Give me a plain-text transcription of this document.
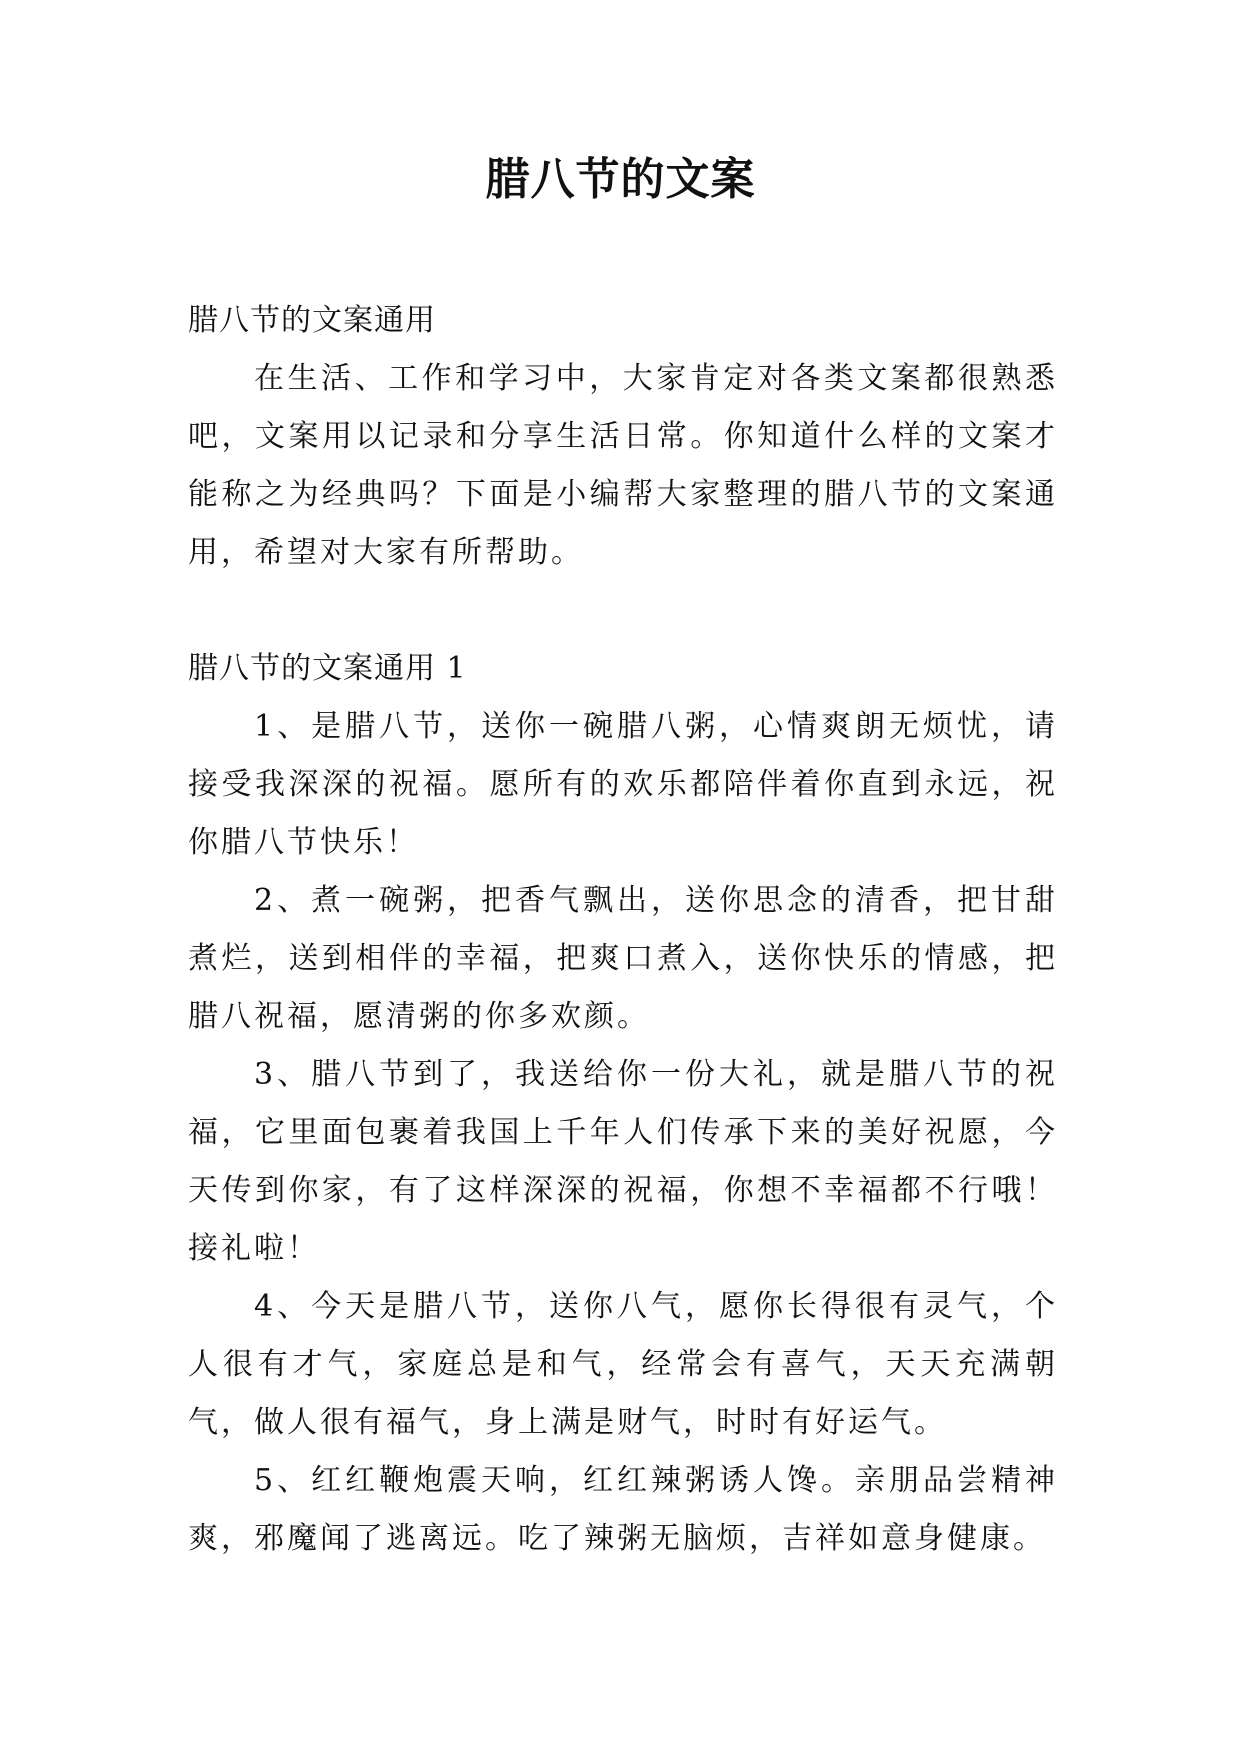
腊八节的文案

腊八节的文案通用

在生活、工作和学习中，大家肯定对各类文案都很熟悉吧，文案用以记录和分享生活日常。你知道什么样的文案才能称之为经典吗？下面是小编帮大家整理的腊八节的文案通用，希望对大家有所帮助。

腊八节的文案通用 1

1、是腊八节，送你一碗腊八粥，心情爽朗无烦忧，请接受我深深的祝福。愿所有的欢乐都陪伴着你直到永远，祝你腊八节快乐！

2、煮一碗粥，把香气飘出，送你思念的清香，把甘甜煮烂，送到相伴的幸福，把爽口煮入，送你快乐的情感，把腊八祝福，愿清粥的你多欢颜。

3、腊八节到了，我送给你一份大礼，就是腊八节的祝福，它里面包裹着我国上千年人们传承下来的美好祝愿，今天传到你家，有了这样深深的祝福，你想不幸福都不行哦！接礼啦！

4、今天是腊八节，送你八气，愿你长得很有灵气，个人很有才气，家庭总是和气，经常会有喜气，天天充满朝气，做人很有福气，身上满是财气，时时有好运气。

5、红红鞭炮震天响，红红辣粥诱人馋。亲朋品尝精神爽，邪魔闻了逃离远。吃了辣粥无脑烦，吉祥如意身健康。
